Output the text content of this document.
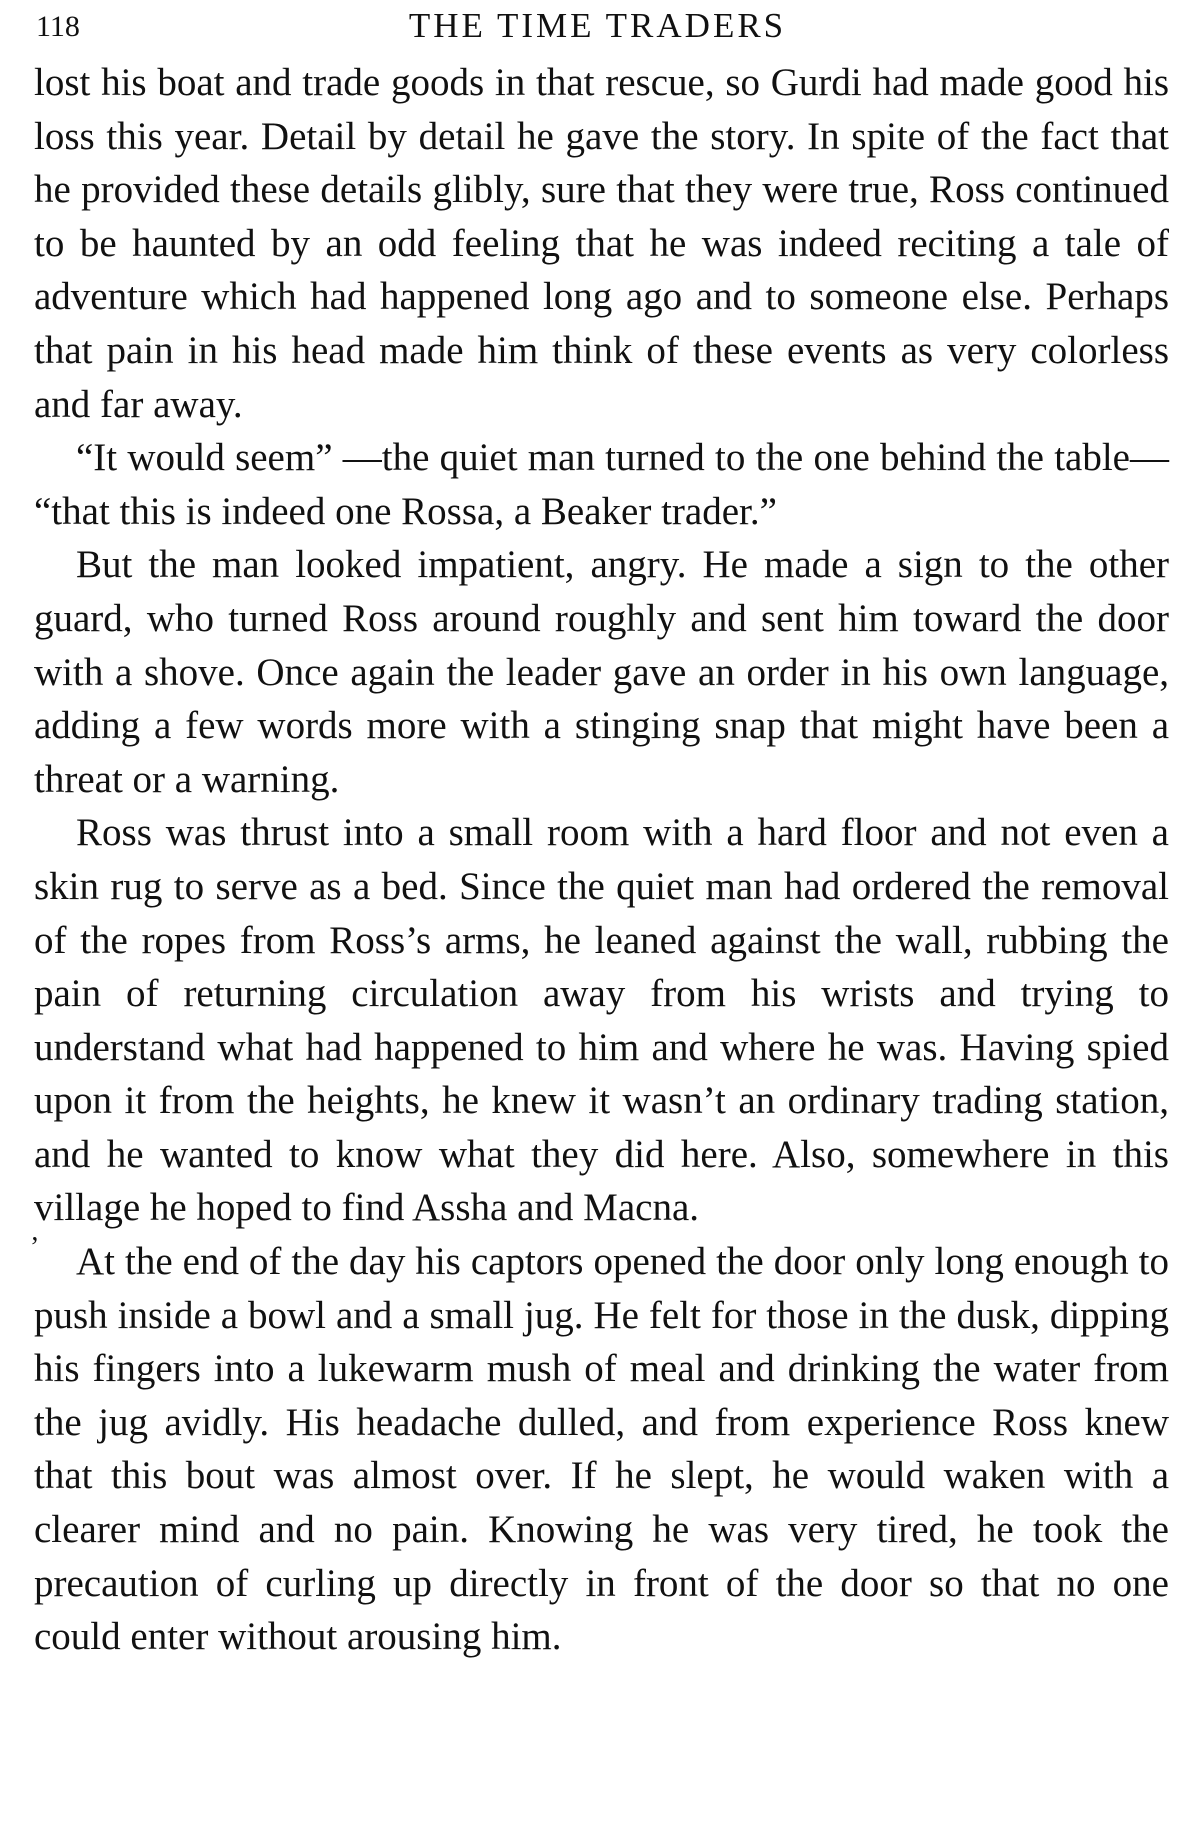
118	THE TIME TRADERS

lost his boat and trade goods in that rescue, so Gurdi had made good his loss this year. Detail by detail he gave the story. In spite of the fact that he provided these details glibly, sure that they were true, Ross continued to be haunted by an odd feeling that he was indeed reciting a tale of adventure which had happened long ago and to someone else. Perhaps that pain in his head made him think of these events as very colorless and far away.

“It would seem” —the quiet man turned to the one behind the table— “that this is indeed one Rossa, a Beaker trader.”

But the man looked impatient, angry. He made a sign to the other guard, who turned Ross around roughly and sent him toward the door with a shove. Once again the leader gave an order in his own language, adding a few words more with a stinging snap that might have been a threat or a warning.

Ross was thrust into a small room with a hard floor and not even a skin rug to serve as a bed. Since the quiet man had ordered the removal of the ropes from Ross’s arms, he leaned against the wall, rubbing the pain of returning circulation away from his wrists and trying to understand what had happened to him and where he was. Having spied upon it from the heights, he knew it wasn’t an ordinary trading station, and he wanted to know what they did here. Also, somewhere in this village he hoped to find Assha and Macna.

At the end of the day his captors opened the door only long enough to push inside a bowl and a small jug. He felt for those in the dusk, dipping his fingers into a lukewarm mush of meal and drinking the water from the jug avidly. His headache dulled, and from experience Ross knew that this bout was almost over. If he slept, he would waken with a clearer mind and no pain. Knowing he was very tired, he took the precaution of curling up directly in front of the door so that no one could enter without arousing him.

’
